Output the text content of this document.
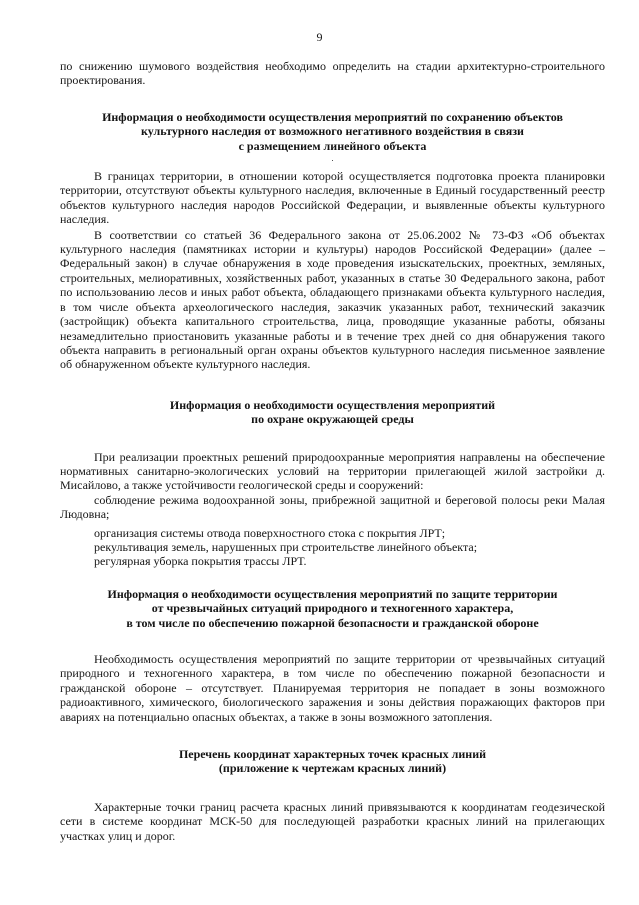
9

по снижению шумового воздействия необходимо определить на стадии архитектурно-строительного проектирования.

Информация о необходимости осуществления мероприятий по сохранению объектов
культурного наследия от возможного негативного воздействия в связи
с размещением линейного объекта

.

В границах территории, в отношении которой осуществляется подготовка проекта планировки территории, отсутствуют объекты культурного наследия, включенные в Единый государственный реестр объектов культурного наследия народов Российской Федерации, и выявленные объекты культурного наследия.

В соответствии со статьей 36 Федерального закона от 25.06.2002 № 73-ФЗ «Об объектах культурного наследия (памятниках истории и культуры) народов Российской Федерации» (далее – Федеральный закон) в случае обнаружения в ходе проведения изыскательских, проектных, земляных, строительных, мелиоративных, хозяйственных работ, указанных в статье 30 Федерального закона, работ по использованию лесов и иных работ объекта, обладающего признаками объекта культурного наследия, в том числе объекта археологического наследия, заказчик указанных работ, технический заказчик (застройщик) объекта капитального строительства, лица, проводящие указанные работы, обязаны незамедлительно приостановить указанные работы и в течение трех дней со дня обнаружения такого объекта направить в региональный орган охраны объектов культурного наследия письменное заявление об обнаруженном объекте культурного наследия.

Информация о необходимости осуществления мероприятий
по охране окружающей среды

При реализации проектных решений природоохранные мероприятия направлены на обеспечение нормативных санитарно-экологических условий на территории прилегающей жилой застройки д. Мисайлово, а также устойчивости геологической среды и сооружений:

соблюдение режима водоохранной зоны, прибрежной защитной и береговой полосы реки Малая Людовна;

организация системы отвода поверхностного стока с покрытия ЛРТ;

рекультивация земель, нарушенных при строительстве линейного объекта;

регулярная уборка покрытия трассы ЛРТ.

Информация о необходимости осуществления мероприятий по защите территории
от чрезвычайных ситуаций природного и техногенного характера,
в том числе по обеспечению пожарной безопасности и гражданской обороне

Необходимость осуществления мероприятий по защите территории от чрезвычайных ситуаций природного и техногенного характера, в том числе по обеспечению пожарной безопасности и гражданской обороне – отсутствует. Планируемая территория не попадает в зоны возможного радиоактивного, химического, биологического заражения и зоны действия поражающих факторов при авариях на потенциально опасных объектах, а также в зоны возможного затопления.

Перечень координат характерных точек красных линий
(приложение к чертежам красных линий)

Характерные точки границ расчета красных линий привязываются к координатам геодезической сети в системе координат МСК-50 для последующей разработки красных линий на прилегающих участках улиц и дорог.
